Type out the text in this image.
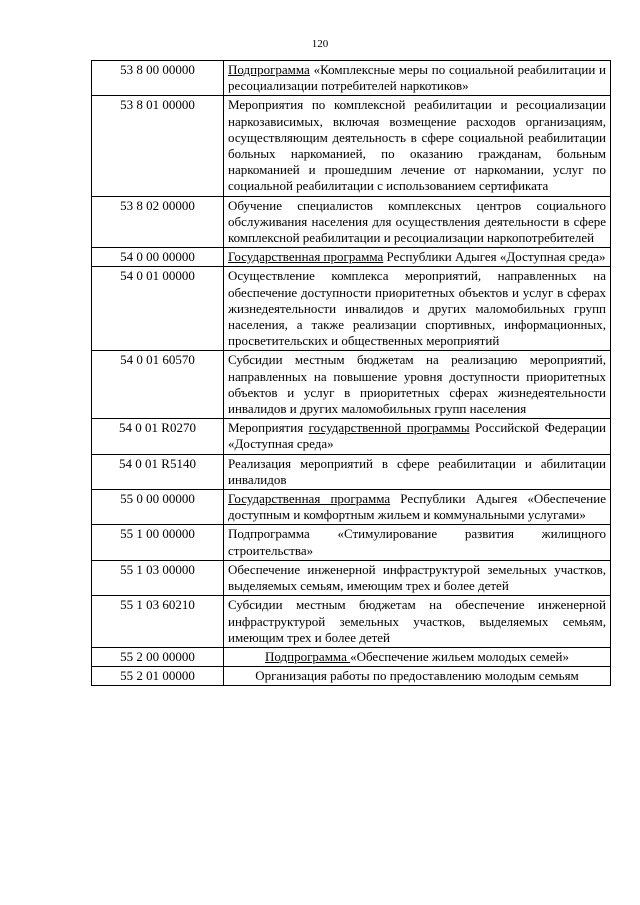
120
53 8 00 00000	Подпрограмма «Комплексные меры по социальной реабилитации и ресоциализации потребителей наркотиков»
53 8 01 00000	Мероприятия по комплексной реабилитации и ресоциализации наркозависимых, включая возмещение расходов организациям, осуществляющим деятельность в сфере социальной реабилитации больных наркоманией, по оказанию гражданам, больным наркоманией и прошедшим лечение от наркомании, услуг по социальной реабилитации с использованием сертификата
53 8 02 00000	Обучение специалистов комплексных центров социального обслуживания населения для осуществления деятельности в сфере комплексной реабилитации и ресоциализации наркопотребителей
54 0 00 00000	Государственная программа Республики Адыгея «Доступная среда»
54 0 01 00000	Осуществление комплекса мероприятий, направленных на обеспечение доступности приоритетных объектов и услуг в сферах жизнедеятельности инвалидов и других маломобильных групп населения, а также реализации спортивных, информационных, просветительских и общественных мероприятий
54 0 01 60570	Субсидии местным бюджетам на реализацию мероприятий, направленных на повышение уровня доступности приоритетных объектов и услуг в приоритетных сферах жизнедеятельности инвалидов и других маломобильных групп населения
54 0 01 R0270	Мероприятия государственной программы Российской Федерации «Доступная среда»
54 0 01 R5140	Реализация мероприятий в сфере реабилитации и абилитации инвалидов
55 0 00 00000	Государственная программа Республики Адыгея «Обеспечение доступным и комфортным жильем и коммунальными услугами»
55 1 00 00000	Подпрограмма «Стимулирование развития жилищного строительства»
55 1 03 00000	Обеспечение инженерной инфраструктурой земельных участков, выделяемых семьям, имеющим трех и более детей
55 1 03 60210	Субсидии местным бюджетам на обеспечение инженерной инфраструктурой земельных участков, выделяемых семьям, имеющим трех и более детей
55 2 00 00000	Подпрограмма «Обеспечение жильем молодых семей»
55 2 01 00000	Организация работы по предоставлению молодым семьям
